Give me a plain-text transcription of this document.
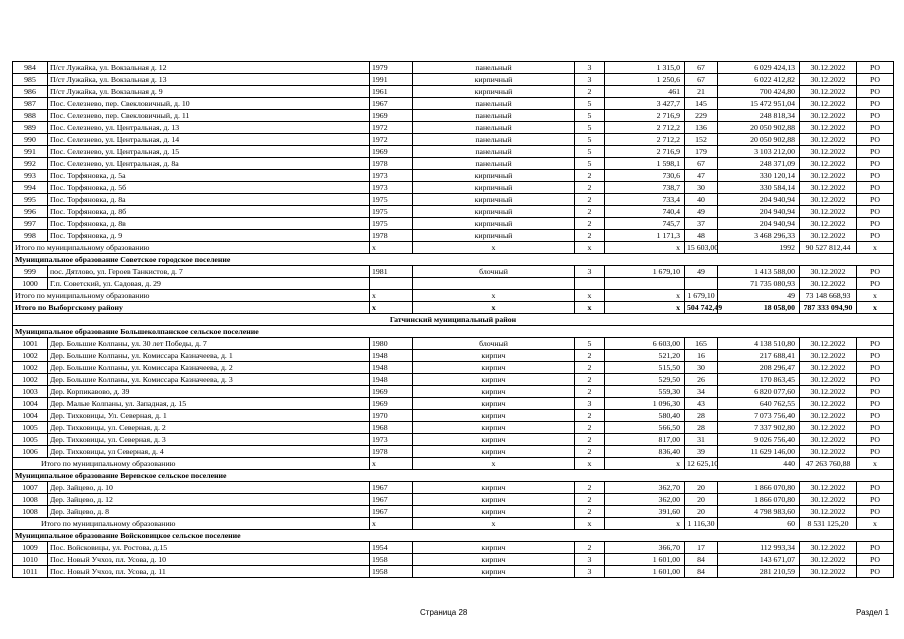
984	П/ст Лужайка, ул. Вокзальная д. 12	1979	панельный	3	1 315,0	67	6 029 424,13	30.12.2022	РО	
985	П/ст Лужайка, ул. Вокзальная д. 13	1991	кирпичный	3	1 250,6	67	6 022 412,82	30.12.2022	РО	
986	П/ст Лужайка, ул. Вокзальная д. 9	1961	кирпичный	2	461	21	700 424,80	30.12.2022	РО	
987	Пос. Селезнево, пер. Свекловичный, д. 10	1967	панельный	5	3 427,7	145	15 472 951,04	30.12.2022	РО	
988	Пос. Селезнево, пер. Свекловичный, д. 11	1969	панельный	5	2 716,9	229	248 818,34	30.12.2022	РО	
989	Пос. Селезнево, ул. Центральная, д. 13	1972	панельный	5	2 712,2	136	20 050 902,88	30.12.2022	РО	
990	Пос. Селезнево, ул. Центральная, д. 14	1972	панельный	5	2 712,2	152	20 050 902,88	30.12.2022	РО	
991	Пос. Селезнево, ул. Центральная, д. 15	1969	панельный	5	2 716,9	179	3 103 212,00	30.12.2022	РО	
992	Пос. Селезнево, ул. Центральная, д. 8а	1978	панельный	5	1 598,1	67	248 371,09	30.12.2022	РО	
993	Пос. Торфяновка, д. 5а	1973	кирпичный	2	730,6	47	330 120,14	30.12.2022	РО	
994	Пос. Торфяновка, д. 5б	1973	кирпичный	2	738,7	30	330 584,14	30.12.2022	РО	
995	Пос. Торфяновка, д. 8а	1975	кирпичный	2	733,4	40	204 940,94	30.12.2022	РО	
996	Пос. Торфяновка, д. 8б	1975	кирпичный	2	740,4	49	204 940,94	30.12.2022	РО	
997	Пос. Торфяновка, д. 8в	1975	кирпичный	2	745,7	37	204 940,94	30.12.2022	РО	
998	Пос. Торфяновка, д. 9	1978	кирпичный	2	1 171,3	48	3 468 296,33	30.12.2022	РО	
Итого по муниципальному образованию		x	x	x	x	15 603,00	1992	90 527 812,44	x	
Муниципальное образование Советское городское поселение										
999	пос. Дятлово, ул. Героев Танкистов, д. 7	1981	блочный	3	1 679,10	49	1 413 588,00	30.12.2022	РО	
1000	Г.п. Советский, ул. Садовая, д. 29						71 735 080,93	30.12.2022	РО	
Итого по муниципальному образованию		x	x	x	x	1 679,10	49	73 148 668,93	x	
Итого по Выборгскому району		x	x	x	x	504 742,49	18 058,00	787 333 094,90	x	
Гатчинский муниципальный район										
Муниципальное образование Большеколпанское сельское поселение										
1001	Дер. Большие Колпаны, ул. 30 лет Победы, д. 7	1980	блочный	5	6 603,00	165	4 138 510,80	30.12.2022	РО	
1002	Дер. Большие Колпаны, ул. Комиссара Казначеева, д. 1	1948	кирпич	2	521,20	16	217 688,41	30.12.2022	РО	
1002	Дер. Большие Колпаны, ул. Комиссара Казначеева, д. 2	1948	кирпич	2	515,50	30	208 296,47	30.12.2022	РО	
1002	Дер. Большие Колпаны, ул. Комиссара Казначеева, д. 3	1948	кирпич	2	529,50	26	170 863,45	30.12.2022	РО	
1003	Дер. Корпикавово, д. 39	1969	кирпич	2	559,30	34	6 820 077,60	30.12.2022	РО	
1004	Дер. Малые Колпаны, ул. Западная, д. 15	1969	кирпич	3	1 096,30	43	640 762,55	30.12.2022	РО	
1004	Дер. Тихковицы, Ул. Северная, д. 1	1970	кирпич	2	580,40	28	7 073 756,40	30.12.2022	РО	
1005	Дер. Тихковицы, ул. Северная, д. 2	1968	кирпич	2	566,50	28	7 337 902,80	30.12.2022	РО	
1005	Дер. Тихковицы, ул. Северная, д. 3	1973	кирпич	2	817,00	31	9 026 756,40	30.12.2022	РО	
1006	Дер. Тихковицы, ул Северная, д. 4	1978	кирпич	2	836,40	39	11 629 146,00	30.12.2022	РО	
Итого по муниципальному образованию		x	x	x	x	12 625,10	440	47 263 760,88	x	
Муниципальное образование Веревское сельское поселение										
1007	Дер. Зайцево, д. 10	1967	кирпич	2	362,70	20	1 866 070,80	30.12.2022	РО	
1008	Дер. Зайцево, д. 12	1967	кирпич	2	362,00	20	1 866 070,80	30.12.2022	РО	
1008	Дер. Зайцево, д. 8	1967	кирпич	2	391,60	20	4 798 983,60	30.12.2022	РО	
Итого по муниципальному образованию		x	x	x	x	1 116,30	60	8 531 125,20	x	
Муниципальное образование Войсковицкое сельское поселение										
1009	Пос. Войсковицы, ул. Ростова, д.15	1954	кирпич	2	366,70	17	112 993,34	30.12.2022	РО	
1010	Пос. Новый Учхоз, пл. Усова, д. 10	1958	кирпич	3	1 601,00	84	143 671,07	30.12.2022	РО	
1011	Пос. Новый Учхоз, пл. Усова, д. 11	1958	кирпич	3	1 601,00	84	281 210,59	30.12.2022	РО	
Страница 28	Раздел 1
